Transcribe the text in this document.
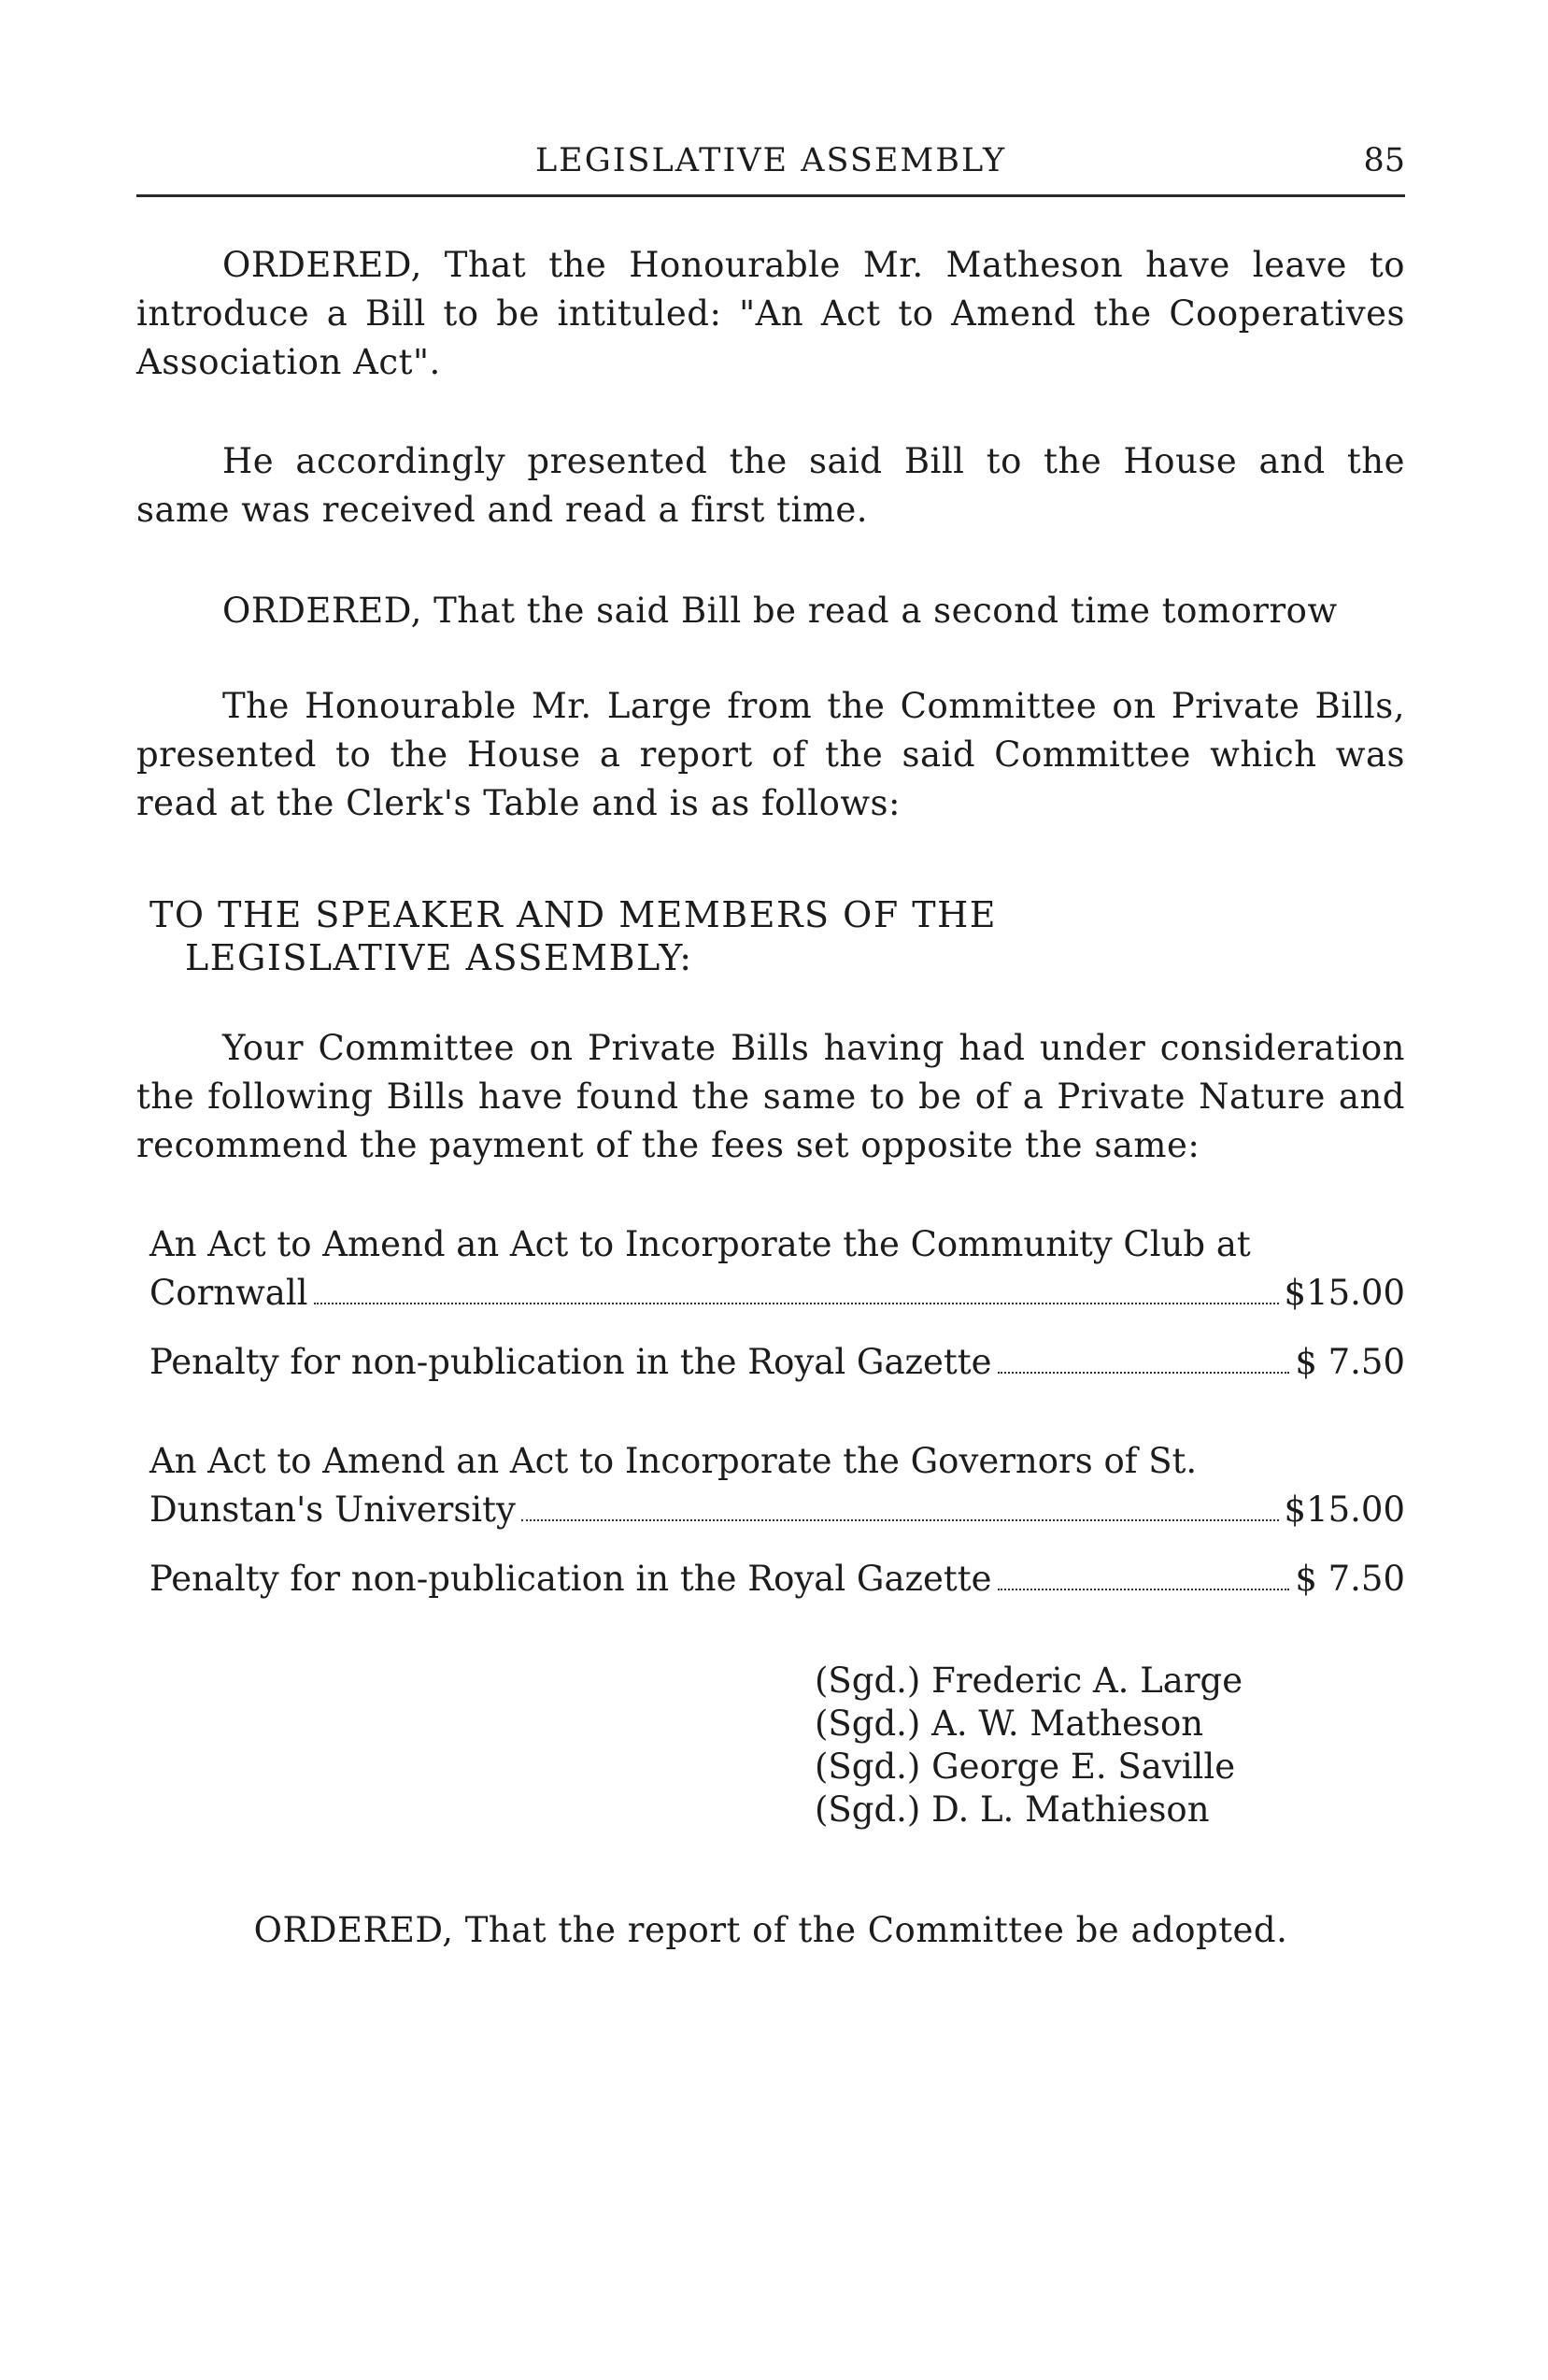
LEGISLATIVE ASSEMBLY	85

ORDERED, That the Honourable Mr. Matheson have leave to introduce a Bill to be intituled: "An Act to Amend the Cooperatives Association Act".

He accordingly presented the said Bill to the House and the same was received and read a first time.

ORDERED, That the said Bill be read a second time tomorrow

The Honourable Mr. Large from the Committee on Private Bills, presented to the House a report of the said Committee which was read at the Clerk's Table and is as follows:

TO THE SPEAKER AND MEMBERS OF THE
LEGISLATIVE ASSEMBLY:

Your Committee on Private Bills having had under consideration the following Bills have found the same to be of a Private Nature and recommend the payment of the fees set opposite the same:

An Act to Amend an Act to Incorporate the Community Club at
Cornwall	$15.00
Penalty for non-publication in the Royal Gazette	$ 7.50
An Act to Amend an Act to Incorporate the Governors of St.
Dunstan's University	$15.00
Penalty for non-publication in the Royal Gazette	$ 7.50
(Sgd.) Frederic A. Large
(Sgd.) A. W. Matheson
(Sgd.) George E. Saville
(Sgd.) D. L. Mathieson

ORDERED, That the report of the Committee be adopted.
